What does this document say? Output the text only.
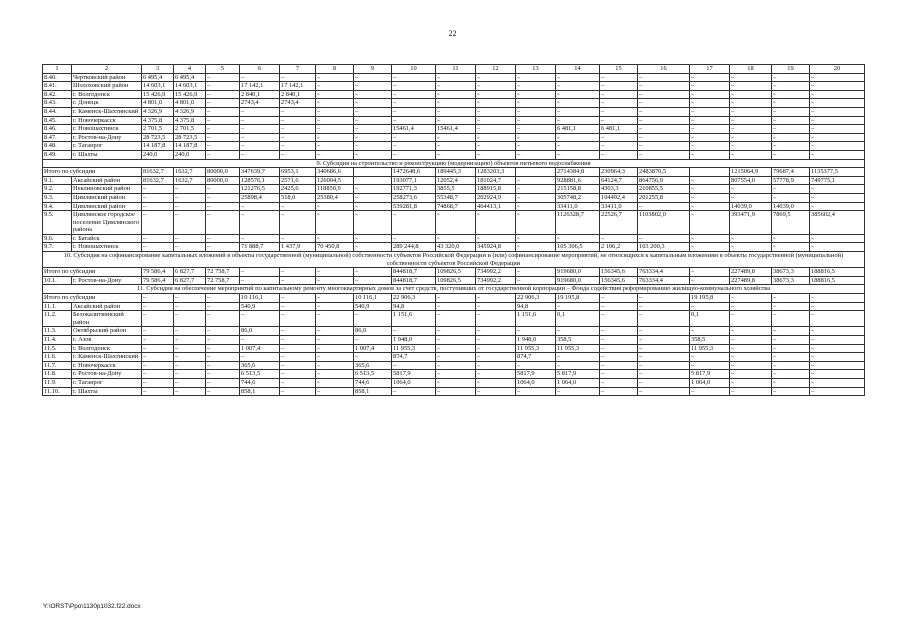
22
1	2	3	4	5	6	7	8	9	10	11	12	13	14	15	16	17	18	19	20
8.40.	Чертковский район	6 495,4	6 495,4	–	–	–	–	–	–	–	–	–	–	–	–	–	–	–	–
8.41.	Шолоховский район	14 603,1	14 603,1	–	17 142,1	17 142,1	–	–	–	–	–	–	–	–	–	–	–	–	–
8.42.	г. Волгодонск	15 426,9	15 426,9	–	2 840,1	2 840,1	–	–	–	–	–	–	–	–	–	–	–	–	–
8.43.	г. Донецк	4 801,0	4 801,0	–	2743,4	2743,4	–	–	–	–	–	–	–	–	–	–	–	–	–
8.44.	г. Каменск-Шахтинский	4 326,9	4 326,9	–	–	–	–	–	–	–	–	–	–	–	–	–	–	–	–
8.45.	г. Новочеркасск	4 375,8	4 375,8	–	–	–	–	–	–	–	–	–	–	–	–	–	–	–	–
8.46.	г. Новошахтинск	2 701,5	2 701,5	–	–	–	–	–	15461,4	15461,4	–	–	6 481,1	6 481,1	–	–	–	–	–
8.47.	г. Ростов-на-Дону	28 723,5	28 723,5	–	–	–	–	–	–	–	–	–	–	–	–	–	–	–	–
8.48.	г. Таганрог	14 187,8	14 187,8	–	–	–	–	–	–	–	–	–	–	–	–	–	–	–	–
8.49.	г. Шахты	240,0	240,0	–	–	–	–	–	–	–	–	–	–	–	–	–	–	–	–
9. Субсидия на строительство и реконструкцию (модернизацию) объектов питьевого водоснабжения																			
Итого по субсидии		81632,7	1632,7	80000,0	347639,7	6953,1	340686,6		1472648,6	189445,3	1283203,3		2714384,8	230964,3	2483870,5		1215064,9	79687,4	1135377,5
9.1.	Аксайский район	81632,7	1632,7	80000,0	128576,1	2571,6	126004,5		193077,1	12052,4	181024,7	–	928881,6	64124,7	864756,9	–	807554,0	57778,9	749775,1
9.2.	Неклиновский район	–	–	–	121276,5	2425,6	118850,9	–	192771,3	3855,5	188915,8	–	215158,8	4303,3	210855,5	–	–	–	–
9.3.	Цимлянский район	–	–	–	25898,4	518,0	25380,4	–	258273,6	55348,7	202924,9	–	305748,2	104492,4	201255,8	–	–	–	–
9.4.	Цимлянский район	–	–	–	–	–	–	–	539281,8	74868,7	464413,1	–	33411,0	33411,0	–	–	14039,0	14039,0	–
9.5.	Цимлянское городское поселение Цимлянского района	–	–	–	–	–	–	–	–	–	–	–	1126328,7	22526,7	1103802,0	–	393471,9	7869,5	385602,4
9.6.	г. Батайск	–	–	–	–	–	–	–	–	–	–	–	–	–	–	–	–	–	–
9.7.	г. Новошахтинск	–	–	–	71 888,7	1 437,9	70 450,8	–	289 244,8	43 320,0	345924,8	–	105 306,5	2 106,2	103 200,3	–	–	–	–
10. Субсидия на софинансирование капитальных вложений в объекты государственной (муниципальной) собственности субъектов Российской Федерации и (или) софинансирование мероприятий, не относящихся к капитальным вложениям в объекты государственной (муниципальной) собственности субъектов Российской Федерации																			
Итого по субсидии		79 586,4	6 827,7	72 758,7	–	–	–	–	844818,7	109826,5	734992,2	–	919680,0	156345,6	763334,4	–	227489,8	38673,3	188816,5
10.1.	г. Ростов-на-Дону	79 586,4	6 827,7	72 758,7	–	–	–	–	844818,7	109826,5	734992,2	–	919680,0	156345,6	763334,4	–	227489,8	38673,3	188816,5
11. Субсидия на обеспечение мероприятий по капитальному ремонту многоквартирных домов за счет средств, поступивших от государственной корпорации – Фонда содействия реформированию жилищно-коммунального хозяйства																			
Итого по субсидии		–	–	–	10 116,1	–	–	10 116,1	22 906,3	–	–	22 906,3	19 195,8	–	–	19 195,8	–	–	–
11.1.	Аксайский район	–	–	–	540,9	–	–	540,9	94,8	–	–	94,8	–	–	–	–	–	–	–
11.2.	Белокалитвинский район	–	–	–	–	–	–	–	1 151,6	–	–	1 151,6	0,1	–	–	0,1	–	–	–
11.3.	Октябрьский район	–	–	–	86,0	–	–	86,0	–	–	–	–	–	–	–	–	–	–	–
11.4.	г. Азов	–	–	–	–	–	–	–	1 948,0	–	–	1 948,0	358,5	–	–	358,5	–	–	–
11.5.	г. Волгодонск	–	–	–	1 007,4	–	–	1 007,4	11 955,3	–	–	11 955,3	11 955,3	–	–	11 955,3	–	–	–
11.6.	г. Каменск-Шахтинский	–	–	–	–	–	–	–	874,7	–	–	874,7	–	–	–	–	–	–	–
11.7.	г. Новочеркасск	–	–	–	365,6	–	–	365,6	–	–	–	–	–	–	–	–	–	–	–
11.8.	г. Ростов-на-Дону	–	–	–	6 513,5	–	–	6 513,5	5817,9	–	–	5817,9	5 817,9	–	–	5 817,9	–	–	–
11.9.	г. Таганрог	–	–	–	744,6	–	–	744,6	1064,0	–	–	1064,0	1 064,0	–	–	1 064,0	–	–	–
11.10.	г. Шахты	–	–	–	858,1	–	–	858,1	–	–	–	–	–	–	–	–	–	–	–
Y:\ORST\Ppo\1130p1032.f22.docx
